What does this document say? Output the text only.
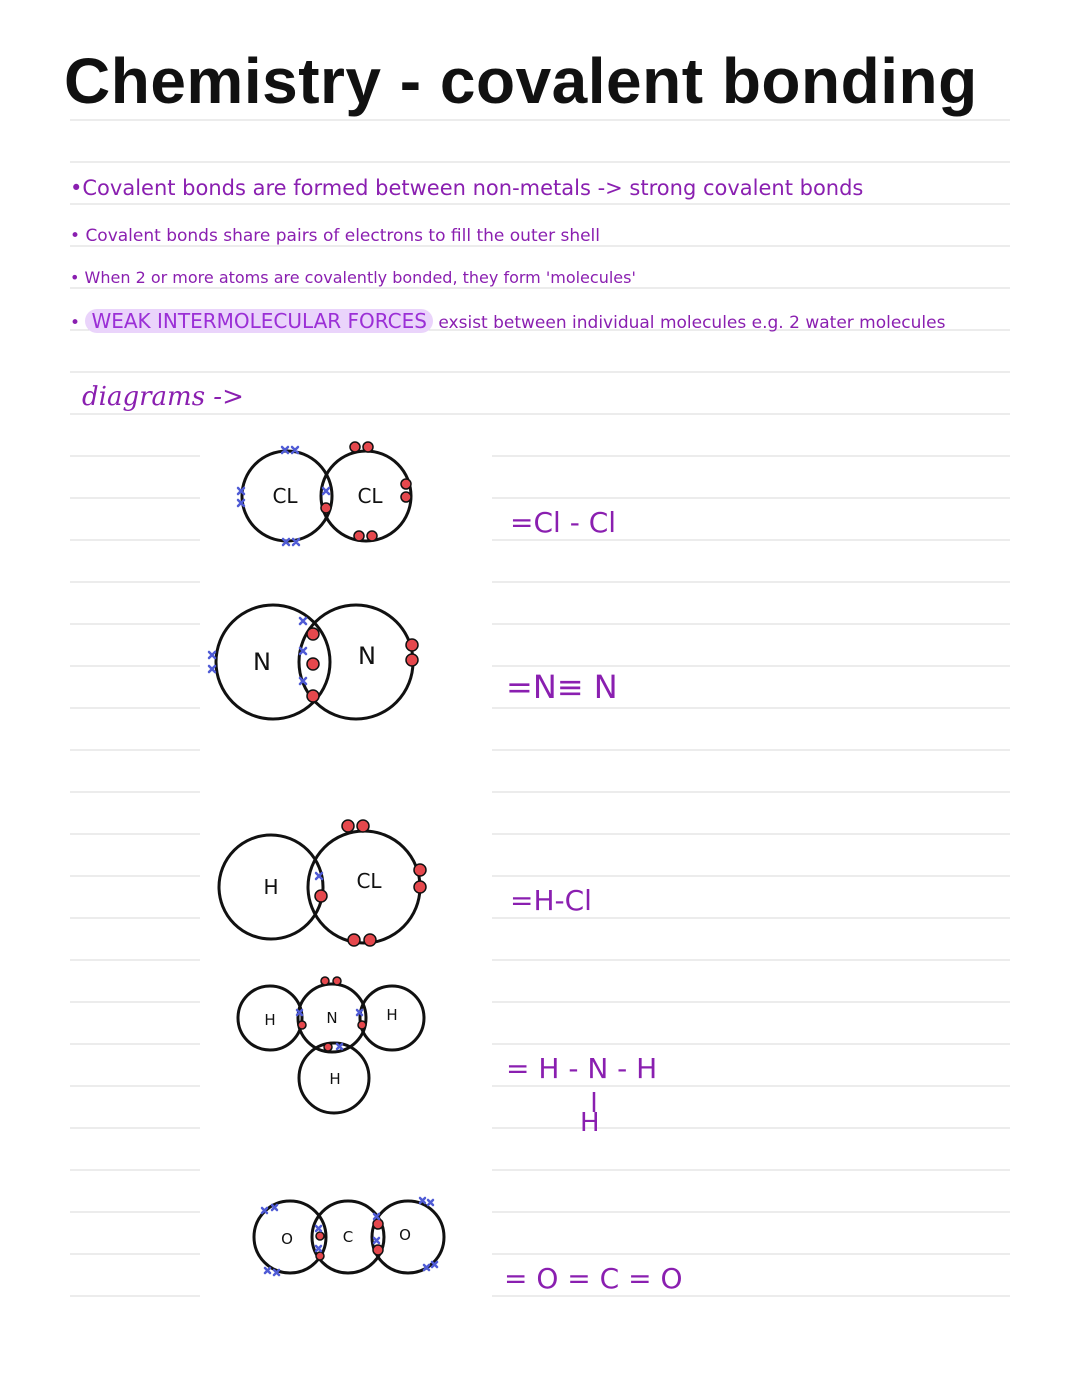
Chemistry - covalent bonding
•Covalent bonds are formed between non-metals -> strong covalent bonds
• Covalent bonds share pairs of electrons to fill the outer shell
• When 2 or more atoms are covalently bonded, they form 'molecules'
• WEAK INTERMOLECULAR FORCES exsist between individual molecules e.g. 2 water molecules
diagrams ->
CL	CL
N	N
H	CL
H	N	H
H
O	C	O
=Cl - Cl
=N≡ N
=H-Cl
= H - N - H
H
= O = C = O
